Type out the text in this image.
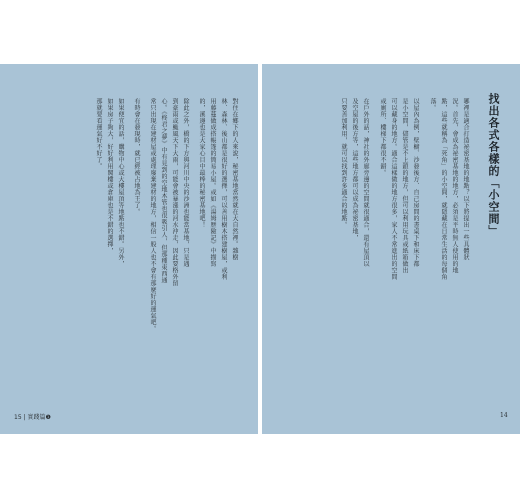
找出各式各樣的「小空間」
哪裡是適合打造祕密基地的地點？以下將提出一些具體狀
況。首先，會成為祕密基地的地方，必須是平時無人使用的地
點，這些就稱為「死角」的小空間，就隱藏在日常生活的每個角
落。
以屋內為例，壁櫥、沙發後方、自己房間的書桌下和床下都
是小空間，儘管是不上鎖的地方，但可以利用玩具或紙箱做出
可以藏身的地方。適合這樣做的地方很多，家人不常進出的空間
或廁所、樓梯下都很不錯。
在戶外的話，神社的外廊旁邊的空間就很適合，還有屋頂以
及空屋的後方等，這些地方都可以成為祕密基地，
只要善加利用，就可以找到許多適合的地點。
對住在鄉下的人來說，秘密基地當然就在大自然裡。雜樹
林、森林、後山都是很好的選擇，可以善用樹木搭建樹屋，或利
用藤蔓做成搭帳篷的簡易小屋。或如《湯姆歷險記》中描寫
的，溪邊也是大家心目中最棒的秘密基地吧！
除此之外，橋的下方與河川中央的沙洲也能當基地，只是遇
到豪雨或颱風天下大雨，可能會被暴漲的河水沖走，因此要格外留
心。《柊君之夢》中有見到的空地木管也很吸引人，但那種東西通
常只出現在建材屋或處理廢棄建材的地方，相信一般人也不會有那麼好的運氣吧。
有時會在發現時，就已經被占地為王了。
如果便宜的話，購物中心或大樓屋頂等地點也不錯。另外，
如果房子夠大，好好利用閣樓或倉庫也是不錯的選擇，
那就要看運氣好不好了。
15 | 實踐篇❶	14
